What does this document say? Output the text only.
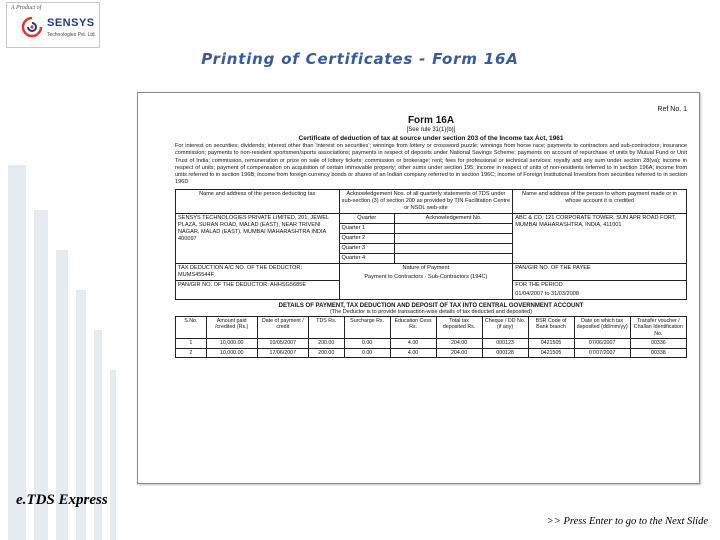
A Product of
SENSYS
Technologies Pvt. Ltd.
Printing of Certificates - Form 16A
Ref No. 1
Form 16A
[See rule 31(1)(b)]
Certificate of deduction of tax at source under section 203 of the Income tax Act, 1961
For interest on securities; dividends; interest other than 'interest on securities'; winnings from lottery or crossword puzzle; winnings from horse race; payments to contractors and sub-contractors; insurance commission; payments to non-resident sportsmen/sports associations; payments in respect of deposits under National Savings Scheme; payments on account of repurchase of units by Mutual Fund or Unit Trust of India; commission, remuneration or prize on sale of lottery tickets; commission or brokerage; rent; fees for professional or technical services; royalty and any sum under section 28(va); income in respect of units; payment of compensation on acquisition of certain immovable property; other sums under section 195; income in respect of units of non-residents referred to in section 196A; income from units referred to in section 196B; income from foreign currency bonds or shares of an Indian company referred to in section 196C; income of Foreign Institutional Investors from securities referred to in section 196D
Name and address of the person deducting tax	Acknowledgement Nos. of all quarterly statements of TDS under sub-section (3) of section 200 as provided by TIN Facilitation Centre or NSDL web-site		Name and address of the person to whom payment made or in whose account it is credited
SENSYS TECHNOLOGIES PRIVATE LIMITED, 201, JEWEL PLAZA, SURAN ROAD, MALAD (EAST), NEAR TRIVENI NAGAR, MALAD (EAST), MUMBAI MAHARASHTRA INDIA 400097	Quarter	Acknowledgement No.	ABC & CO, 121 CORPORATE TOWER, SUN APR ROAD FORT, MUMBAI MAHARASHTRA, INDIA, 411001
	Quarter 1		
	Quarter 2		
	Quarter 3		
	Quarter 4		
TAX DEDUCTION A/C NO. OF THE DEDUCTOR: MUMS45544F	Nature of Payment
Payment to Contractors - Sub-Contractors (194C)		PAN/GIR NO. OF THE PAYEE
PAN/GIR NO. OF THE DEDUCTOR: AHHSG5685E			FOR THE PERIOD
01/04/2007 to 31/03/2008
DETAILS OF PAYMENT, TAX DEDUCTION AND DEPOSIT OF TAX INTO CENTRAL GOVERNMENT ACCOUNT
(The Deductor is to provide transaction-wise details of tax deducted and deposited)
S.No.	Amount paid /credited (Rs.)	Date of payment / credit	TDS Rs.	Surcharge Rs.	Education Cess Rs.	Total tax deposited Rs.	Cheque / DD No. (if any)	BSR Code of Bank branch	Date on which tax deposited (dd/mm/yy)	Transfer voucher / Challan Identification No.
1	10,000.00	10/05/2007	200.00	0.00	4.00	204.00	000123	0421505	07/06/2007	00336
2	10,000.00	17/06/2007	200.00	0.00	4.00	204.00	000128	0421505	07/07/2007	00338
e.TDS Express
>> Press Enter to go to the Next Slide
